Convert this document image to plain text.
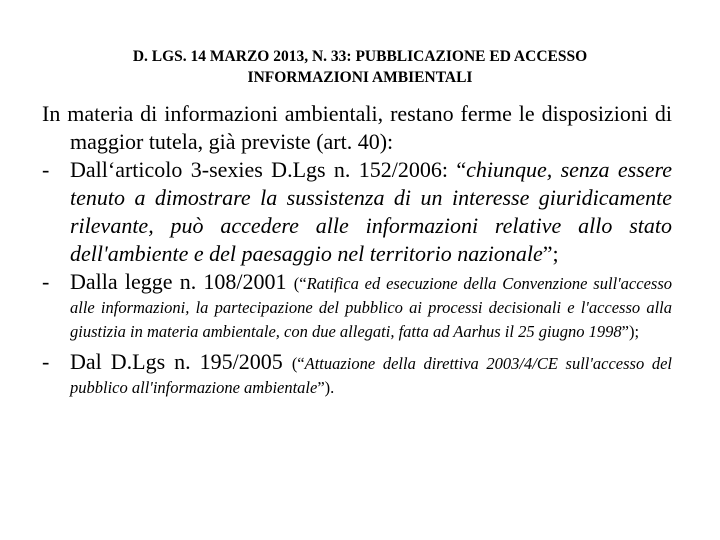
D. LGS. 14 MARZO 2013, N. 33: PUBBLICAZIONE ED ACCESSO
INFORMAZIONI AMBIENTALI

In materia di informazioni ambientali, restano ferme le disposizioni di maggior tutela, già previste (art. 40):

- Dall‘articolo 3-sexies D.Lgs n. 152/2006: “chiunque, senza essere tenuto a dimostrare la sussistenza di un interesse giuridicamente rilevante, può accedere alle informazioni relative allo stato dell'ambiente e del paesaggio nel territorio nazionale”;

- Dalla legge n. 108/2001 (“Ratifica ed esecuzione della Convenzione sull'accesso alle informazioni, la partecipazione del pubblico ai processi decisionali e l'accesso alla giustizia in materia ambientale, con due allegati, fatta ad Aarhus il 25 giugno 1998”);

- Dal D.Lgs n. 195/2005 (“Attuazione della direttiva 2003/4/CE sull'accesso del pubblico all'informazione ambientale”).
